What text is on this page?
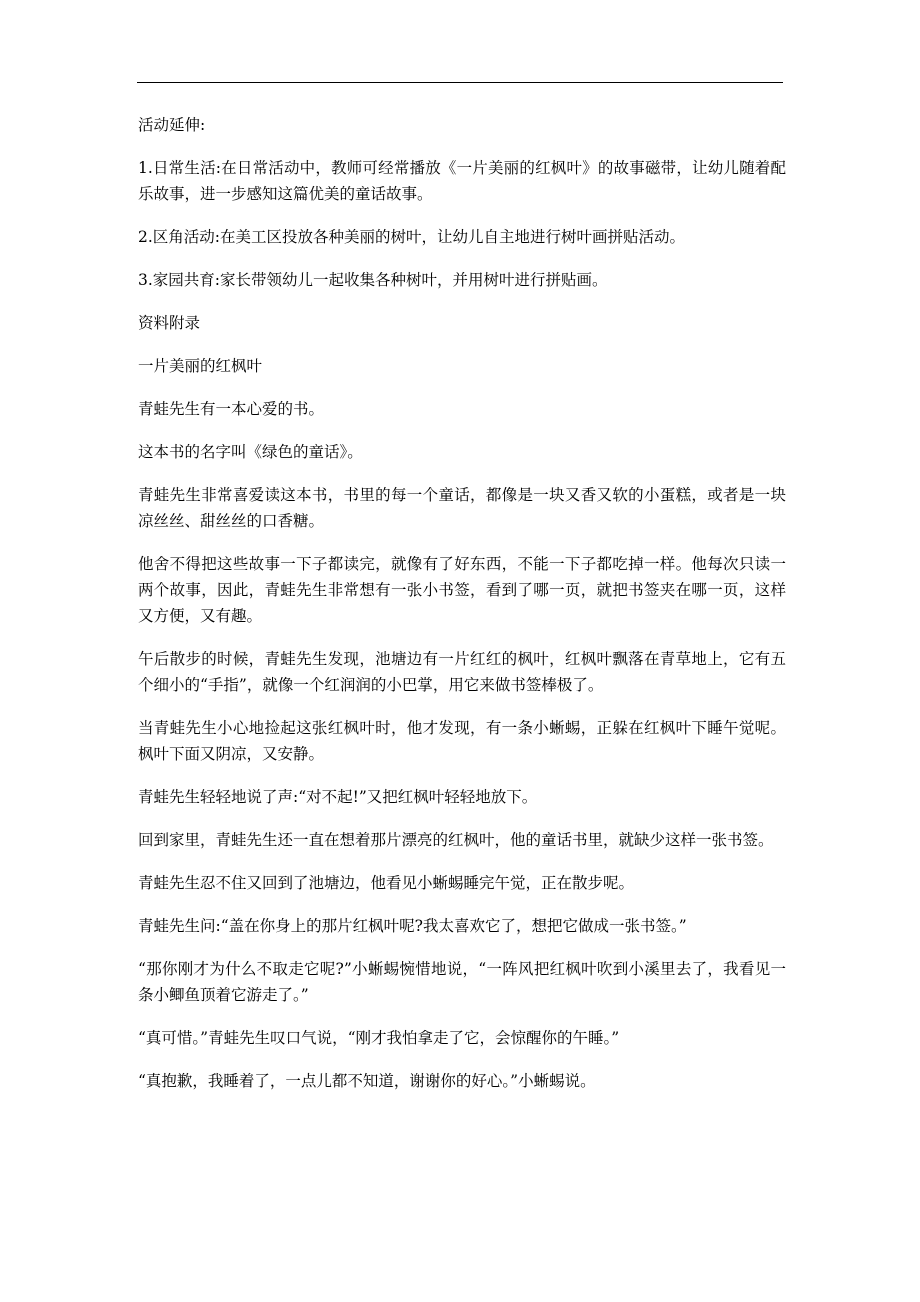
活动延伸:

1.日常生活:在日常活动中，教师可经常播放《一片美丽的红枫叶》的故事磁带，让幼儿随着配乐故事，进一步感知这篇优美的童话故事。

2.区角活动:在美工区投放各种美丽的树叶，让幼儿自主地进行树叶画拼贴活动。

3.家园共育:家长带领幼儿一起收集各种树叶，并用树叶进行拼贴画。

资料附录

一片美丽的红枫叶

青蛙先生有一本心爱的书。

这本书的名字叫《绿色的童话》。

青蛙先生非常喜爱读这本书，书里的每一个童话，都像是一块又香又软的小蛋糕，或者是一块凉丝丝、甜丝丝的口香糖。

他舍不得把这些故事一下子都读完，就像有了好东西，不能一下子都吃掉一样。他每次只读一两个故事，因此，青蛙先生非常想有一张小书签，看到了哪一页，就把书签夹在哪一页，这样又方便，又有趣。

午后散步的时候，青蛙先生发现，池塘边有一片红红的枫叶，红枫叶飘落在青草地上，它有五个细小的“手指”，就像一个红润润的小巴掌，用它来做书签棒极了。

当青蛙先生小心地捡起这张红枫叶时，他才发现，有一条小蜥蜴，正躲在红枫叶下睡午觉呢。枫叶下面又阴凉，又安静。

青蛙先生轻轻地说了声:“对不起!”又把红枫叶轻轻地放下。

回到家里，青蛙先生还一直在想着那片漂亮的红枫叶，他的童话书里，就缺少这样一张书签。

青蛙先生忍不住又回到了池塘边，他看见小蜥蜴睡完午觉，正在散步呢。

青蛙先生问:“盖在你身上的那片红枫叶呢?我太喜欢它了，想把它做成一张书签。”

“那你刚才为什么不取走它呢?”小蜥蜴惋惜地说，“一阵风把红枫叶吹到小溪里去了，我看见一条小鲫鱼顶着它游走了。”

“真可惜。”青蛙先生叹口气说，“刚才我怕拿走了它，会惊醒你的午睡。”

“真抱歉，我睡着了，一点儿都不知道，谢谢你的好心。”小蜥蜴说。
